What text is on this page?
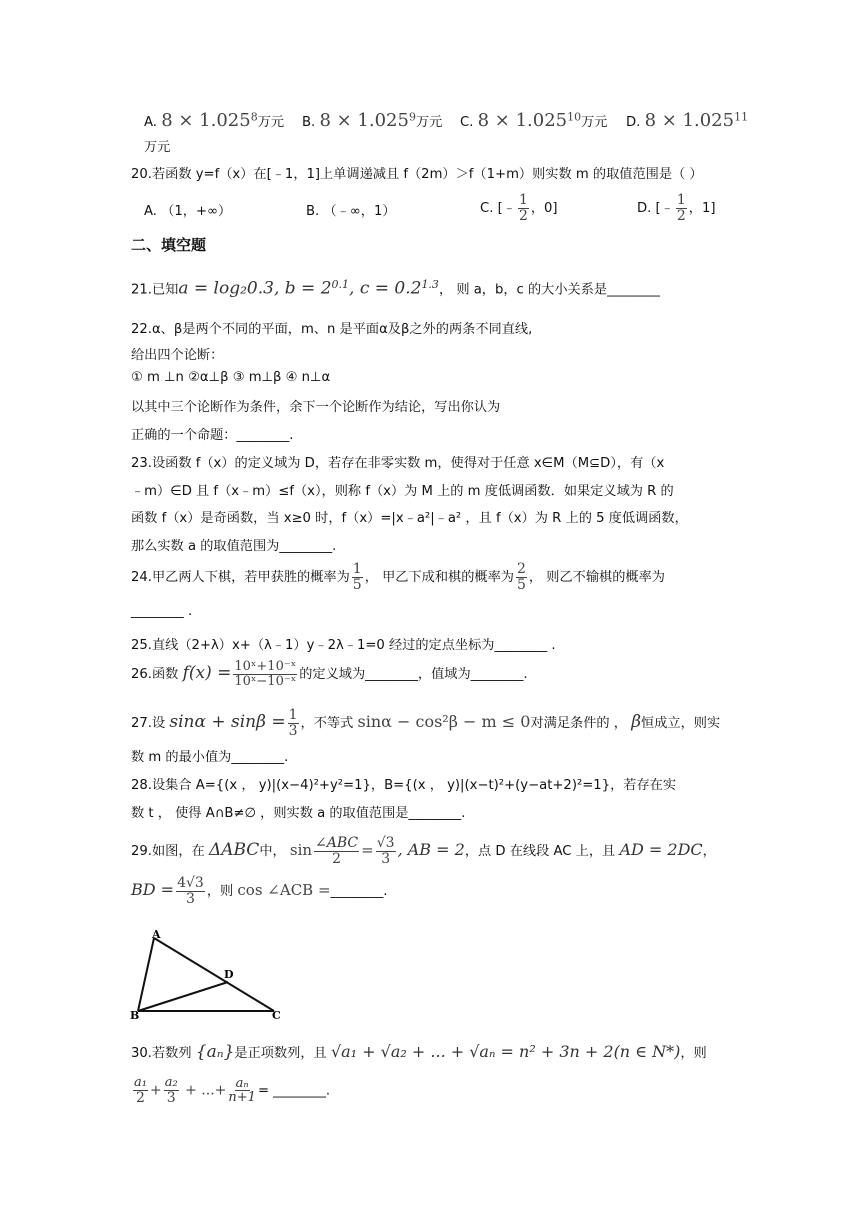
A. $8 \times 1.025^8$万元 B. $8 \times 1.025^9$万元 C. $8 \times 1.025^{10}$万元 D. $8 \times 1.025^{11}$
万元
20.若函数 y=f（x）在[﹣1，1]上单调递减且 f（2m）＞f（1+m）则实数 m 的取值范围是（ ）
A. （1，+∞）	B. （﹣∞，1）	C. [﹣ $\frac{1}{2}$ ，0]	D. [﹣ $\frac{1}{2}$ ，1]
二、填空题
21.已知a = log₂0.3, $b = 2^{0.1}$, $c = 0.2^{1.3}$， 则 a，b，c 的大小关系是________
22.α、β是两个不同的平面，m、n 是平面α及β之外的两条不同直线,
给出四个论断：
① m ⊥n ②α⊥β ③ m⊥β ④ n⊥α
以其中三个论断作为条件，余下一个论断作为结论，写出你认为
正确的一个命题：________.
23.设函数 f（x）的定义域为 D，若存在非零实数 m，使得对于任意 x∈M（M⊆D），有（x
﹣m）∈D 且 f（x﹣m）≤f（x），则称 f（x）为 M 上的 m 度低调函数．如果定义域为 R 的
函数 f（x）是奇函数，当 x≥0 时，f（x）=|x﹣a²|﹣a² ，且 f（x）为 R 上的 5 度低调函数，
那么实数 a 的取值范围为________.
24.甲乙两人下棋，若甲获胜的概率为 $\frac{1}{5}$ ， 甲乙下成和棋的概率为 $\frac{2}{5}$ ， 则乙不输棋的概率为
________ .
25.直线（2+λ）x+（λ﹣1）y﹣2λ﹣1=0 经过的定点坐标为________ .
26.函数 $f(x) = \frac{\text{10ˣ+10⁻ˣ}}{\text{10ˣ−10⁻ˣ}}$ 的定义域为________，值域为________.
27.设 $\sin\alpha + \sin\beta = \frac{1}{3}$ ，不等式 sinα − cos²β − m ≤ 0对满足条件的 ， β恒成立，则实
数 m 的最小值为________.
28.设集合 A={(x ， y)|(x−4)²+y²=1}，B={(x ， y)|(x−t)²+(y−at+2)²=1}，若存在实
数 t ， 使得 A∩B≠∅ ，则实数 a 的取值范围是________.
29.如图，在 ΔABC中， $\sin \frac{\text{∠ABC}}{2} = \frac{√3}{3}$ , AB = 2，点 D 在线段 AC 上，且 AD = 2DC，
BD = $\frac{4√3}{3}$ ，则 cos ∠ACB =________.
A
B	C
D
30.若数列 {aₙ}是正项数列，且 √a₁ + √a₂ + ... + √aₙ = n² + 3n + 2(n ∈ N*)，则
$\frac{\text{a₁}}{2} + \frac{\text{a₂}}{3}$ + ...+ $\frac{\text{aₙ}}{n+1}$ = ________.
